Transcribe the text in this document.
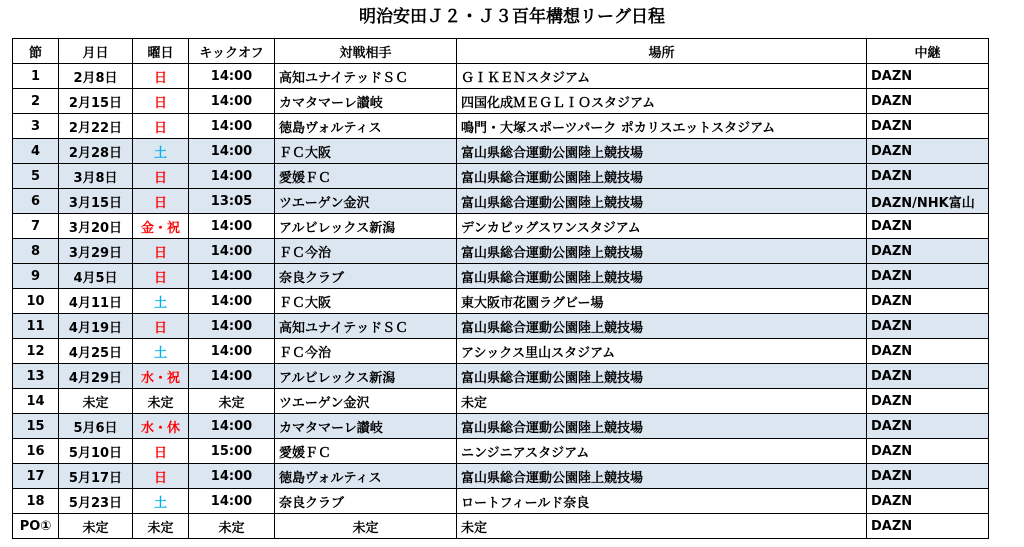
明治安田Ｊ２・Ｊ３百年構想リーグ日程
節	月日	曜日	キックオフ	対戦相手	場所	中継
1	2月8日	日	14:00	高知ユナイテッドＳＣ	ＧＩＫＥＮスタジアム	DAZN
2	2月15日	日	14:00	カマタマーレ讃岐	四国化成ＭＥＧＬＩＯスタジアム	DAZN
3	2月22日	日	14:00	徳島ヴォルティス	鳴門・大塚スポーツパーク ポカリスエットスタジアム	DAZN
4	2月28日	土	14:00	ＦＣ大阪	富山県総合運動公園陸上競技場	DAZN
5	3月8日	日	14:00	愛媛ＦＣ	富山県総合運動公園陸上競技場	DAZN
6	3月15日	日	13:05	ツエーゲン金沢	富山県総合運動公園陸上競技場	DAZN/NHK富山
7	3月20日	金・祝	14:00	アルビレックス新潟	デンカビッグスワンスタジアム	DAZN
8	3月29日	日	14:00	ＦＣ今治	富山県総合運動公園陸上競技場	DAZN
9	4月5日	日	14:00	奈良クラブ	富山県総合運動公園陸上競技場	DAZN
10	4月11日	土	14:00	ＦＣ大阪	東大阪市花園ラグビー場	DAZN
11	4月19日	日	14:00	高知ユナイテッドＳＣ	富山県総合運動公園陸上競技場	DAZN
12	4月25日	土	14:00	ＦＣ今治	アシックス里山スタジアム	DAZN
13	4月29日	水・祝	14:00	アルビレックス新潟	富山県総合運動公園陸上競技場	DAZN
14	未定	未定	未定	ツエーゲン金沢	未定	DAZN
15	5月6日	水・休	14:00	カマタマーレ讃岐	富山県総合運動公園陸上競技場	DAZN
16	5月10日	日	15:00	愛媛ＦＣ	ニンジニアスタジアム	DAZN
17	5月17日	日	14:00	徳島ヴォルティス	富山県総合運動公園陸上競技場	DAZN
18	5月23日	土	14:00	奈良クラブ	ロートフィールド奈良	DAZN
PO①	未定	未定	未定	未定	未定	DAZN
